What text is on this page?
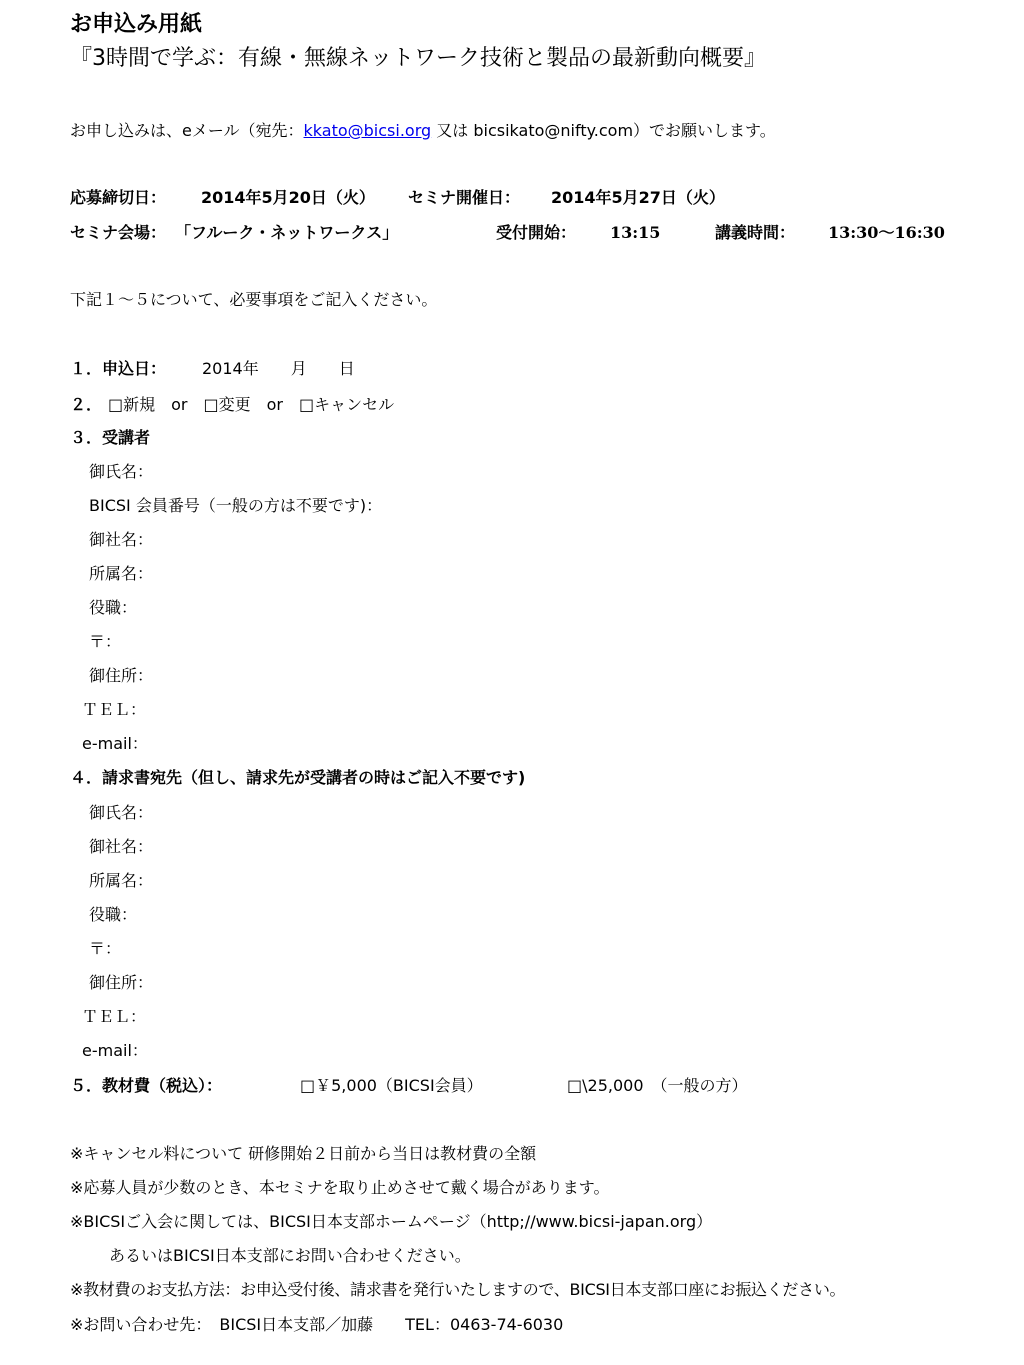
お申込み用紙
『3時間で学ぶ：有線・無線ネットワーク技術と製品の最新動向概要』
お申し込みは、eメール（宛先：kkato@bicsi.org 又は bicsikato@nifty.com）でお願いします。
応募締切日： 2014年5月20日（火） セミナ開催日： 2014年5月27日（火）
セミナ会場： 「フルーク・ネットワークス」	受付開始： 13:15	講義時間： 13:30〜16:30
下記１〜５について、必要事項をご記入ください。
１．申込日： 2014年　　月　　日
２． □新規　or　□変更　or　□キャンセル
３．受講者
御氏名：
BICSI 会員番号（一般の方は不要です)：
御社名：
所属名：
役職：
〒：
御住所：
ＴＥＬ：
e-mail：
４．請求書宛先（但し、請求先が受講者の時はご記入不要です)
御氏名：
御社名：
所属名：
役職：
〒：
御住所：
ＴＥＬ：
e-mail：
５．教材費（税込）：	□￥5,000（BICSI会員）	□\25,000　（一般の方）
※キャンセル料について 研修開始２日前から当日は教材費の全額
※応募人員が少数のとき、本セミナを取り止めさせて戴く場合があります。
※BICSIご入会に関しては、BICSI日本支部ホームページ（http;//www.bicsi-japan.org）
あるいはBICSI日本支部にお問い合わせください。
※教材費のお支払方法：お申込受付後、請求書を発行いたしますので、BICSI日本支部口座にお振込ください。
※お問い合わせ先：　BICSI日本支部／加藤　　TEL：0463-74-6030
